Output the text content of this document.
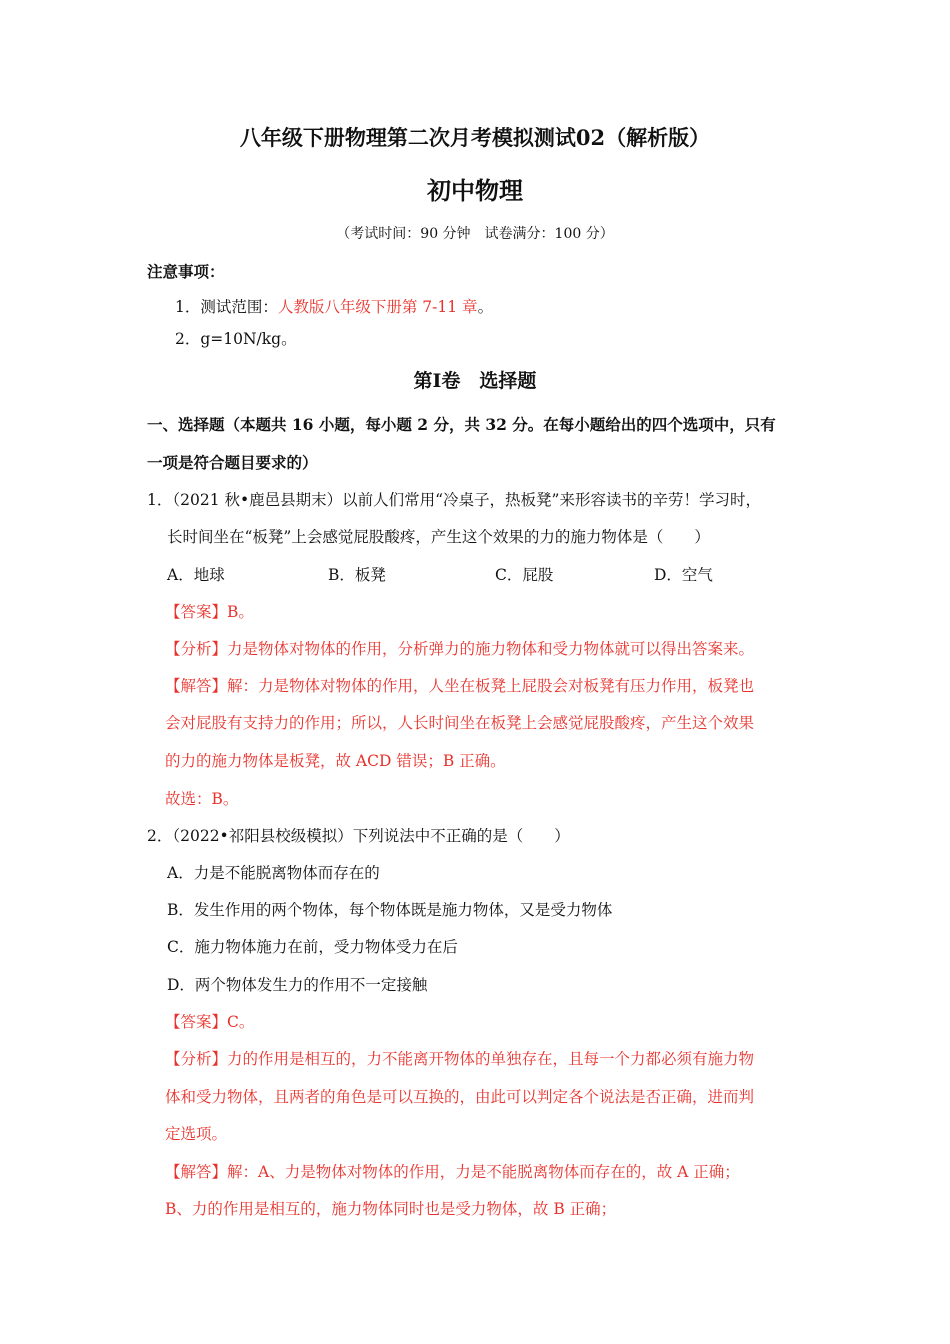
八年级下册物理第二次月考模拟测试02（解析版）
初中物理
（考试时间：90 分钟　试卷满分：100 分）
注意事项：
1．测试范围：人教版八年级下册第 7-11 章。
2．g=10N/kg。
第Ⅰ卷　选择题
一、选择题（本题共 16 小题，每小题 2 分，共 32 分。在每小题给出的四个选项中，只有
一项是符合题目要求的）
1．（2021 秋•鹿邑县期末）以前人们常用“冷桌子，热板凳”来形容读书的辛劳！学习时，
长时间坐在“板凳”上会感觉屁股酸疼，产生这个效果的力的施力物体是（　　）
A．地球	B．板凳	C．屁股	D．空气
【答案】B。
【分析】力是物体对物体的作用，分析弹力的施力物体和受力物体就可以得出答案来。
【解答】解：力是物体对物体的作用，人坐在板凳上屁股会对板凳有压力作用，板凳也
会对屁股有支持力的作用；所以，人长时间坐在板凳上会感觉屁股酸疼，产生这个效果
的力的施力物体是板凳，故 ACD 错误；B 正确。
故选：B。
2．（2022•祁阳县校级模拟）下列说法中不正确的是（　　）
A．力是不能脱离物体而存在的
B．发生作用的两个物体，每个物体既是施力物体，又是受力物体
C．施力物体施力在前，受力物体受力在后
D．两个物体发生力的作用不一定接触
【答案】C。
【分析】力的作用是相互的，力不能离开物体的单独存在，且每一个力都必须有施力物
体和受力物体，且两者的角色是可以互换的，由此可以判定各个说法是否正确，进而判
定选项。
【解答】解：A、力是物体对物体的作用，力是不能脱离物体而存在的，故 A 正确；
B、力的作用是相互的，施力物体同时也是受力物体，故 B 正确；
